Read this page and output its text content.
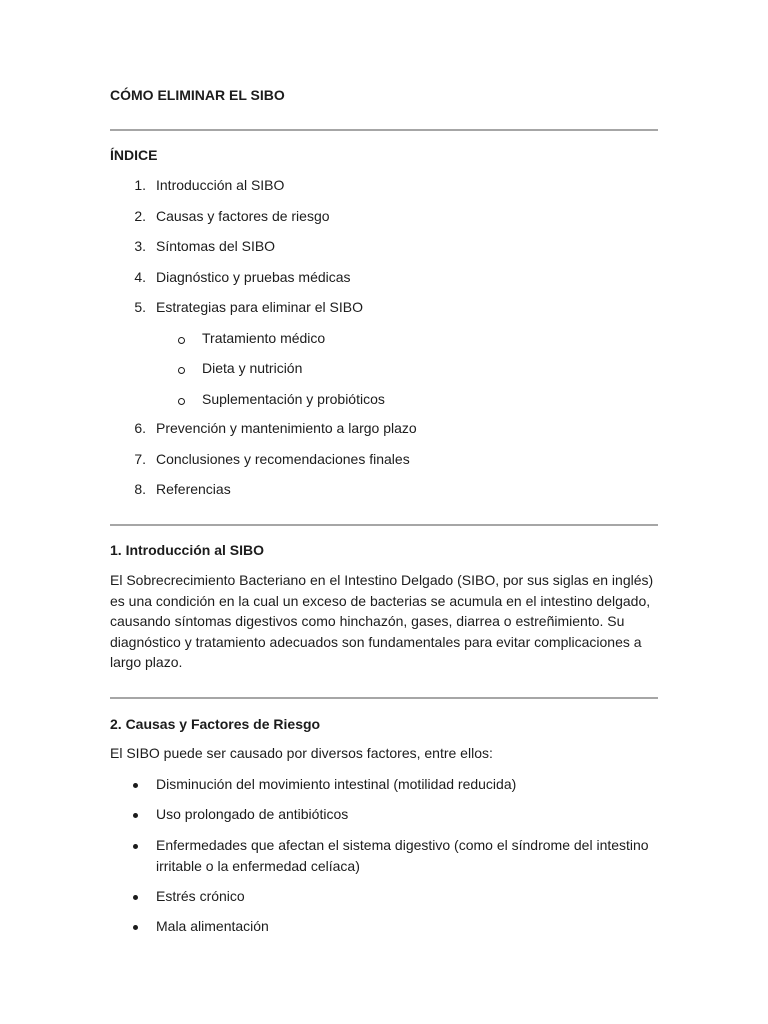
CÓMO ELIMINAR EL SIBO
ÍNDICE
1. Introducción al SIBO
2. Causas y factores de riesgo
3. Síntomas del SIBO
4. Diagnóstico y pruebas médicas
5. Estrategias para eliminar el SIBO
Tratamiento médico
Dieta y nutrición
Suplementación y probióticos
6. Prevención y mantenimiento a largo plazo
7. Conclusiones y recomendaciones finales
8. Referencias
1. Introducción al SIBO

El Sobrecrecimiento Bacteriano en el Intestino Delgado (SIBO, por sus siglas en inglés) es una condición en la cual un exceso de bacterias se acumula en el intestino delgado, causando síntomas digestivos como hinchazón, gases, diarrea o estreñimiento. Su diagnóstico y tratamiento adecuados son fundamentales para evitar complicaciones a largo plazo.

2. Causas y Factores de Riesgo

El SIBO puede ser causado por diversos factores, entre ellos:

Disminución del movimiento intestinal (motilidad reducida)
Uso prolongado de antibióticos
Enfermedades que afectan el sistema digestivo (como el síndrome del intestino irritable o la enfermedad celíaca)
Estrés crónico
Mala alimentación
